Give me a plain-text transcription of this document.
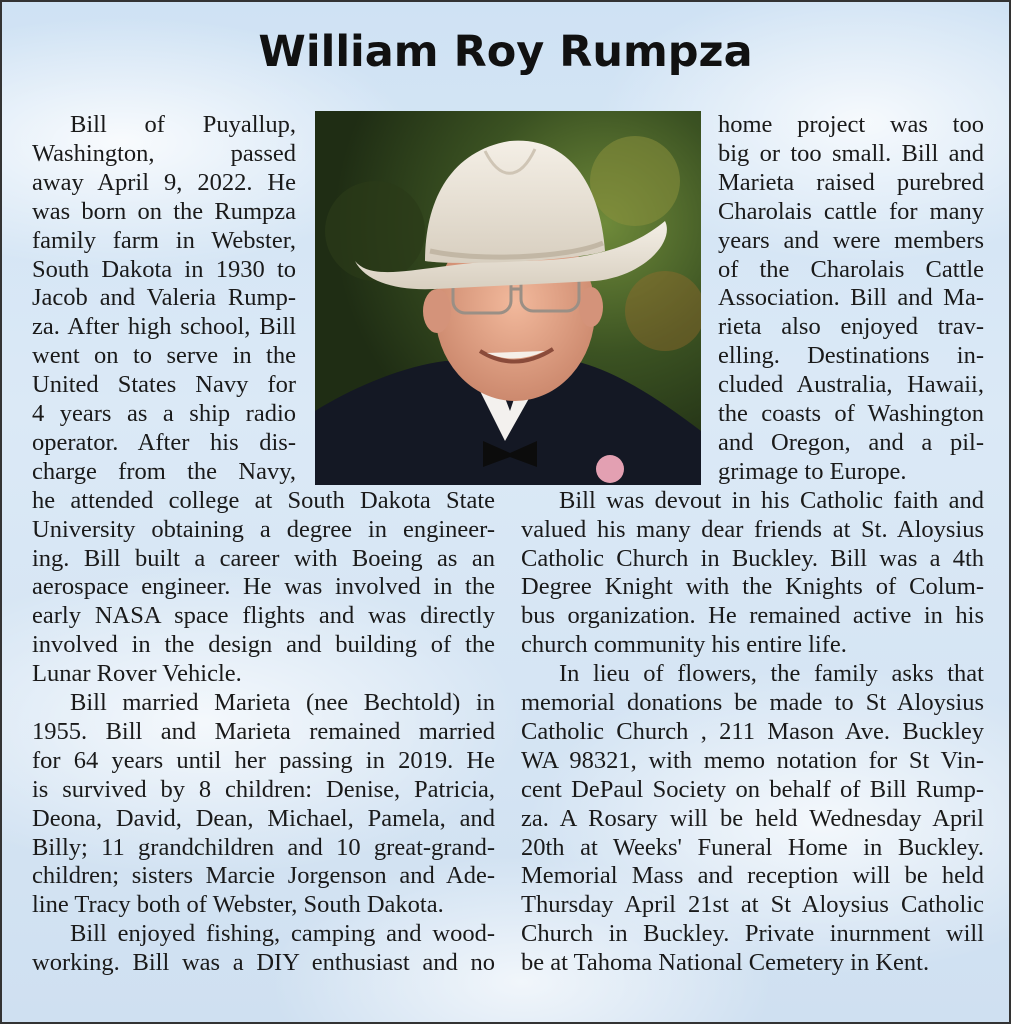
William Roy Rumpza
Bill of Puyallup,
Washington, passed
away April 9, 2022. He
was born on the Rumpza
family farm in Webster,
South Dakota in 1930 to
Jacob and Valeria Rump-
za. After high school, Bill
went on to serve in the
United States Navy for
4 years as a ship radio
operator. After his dis-
charge from the Navy,
he attended college at South Dakota State
University obtaining a degree in engineer-
ing. Bill built a career with Boeing as an
aerospace engineer. He was involved in the
early NASA space flights and was directly
involved in the design and building of the
Lunar Rover Vehicle.
Bill married Marieta (nee Bechtold) in
1955. Bill and Marieta remained married
for 64 years until her passing in 2019. He
is survived by 8 children: Denise, Patricia,
Deona, David, Dean, Michael, Pamela, and
Billy; 11 grandchildren and 10 great-grand-
children; sisters Marcie Jorgenson and Ade-
line Tracy both of Webster, South Dakota.
Bill enjoyed fishing, camping and wood-
working. Bill was a DIY enthusiast and no
home project was too
big or too small. Bill and
Marieta raised purebred
Charolais cattle for many
years and were members
of the Charolais Cattle
Association. Bill and Ma-
rieta also enjoyed trav-
elling. Destinations in-
cluded Australia, Hawaii,
the coasts of Washington
and Oregon, and a pil-
grimage to Europe.
Bill was devout in his Catholic faith and
valued his many dear friends at St. Aloysius
Catholic Church in Buckley. Bill was a 4th
Degree Knight with the Knights of Colum-
bus organization. He remained active in his
church community his entire life.
In lieu of flowers, the family asks that
memorial donations be made to St Aloysius
Catholic Church , 211 Mason Ave. Buckley
WA 98321, with memo notation for St Vin-
cent DePaul Society on behalf of Bill Rump-
za. A Rosary will be held Wednesday April
20th at Weeks' Funeral Home in Buckley.
Memorial Mass and reception will be held
Thursday April 21st at St Aloysius Catholic
Church in Buckley. Private inurnment will
be at Tahoma National Cemetery in Kent.
